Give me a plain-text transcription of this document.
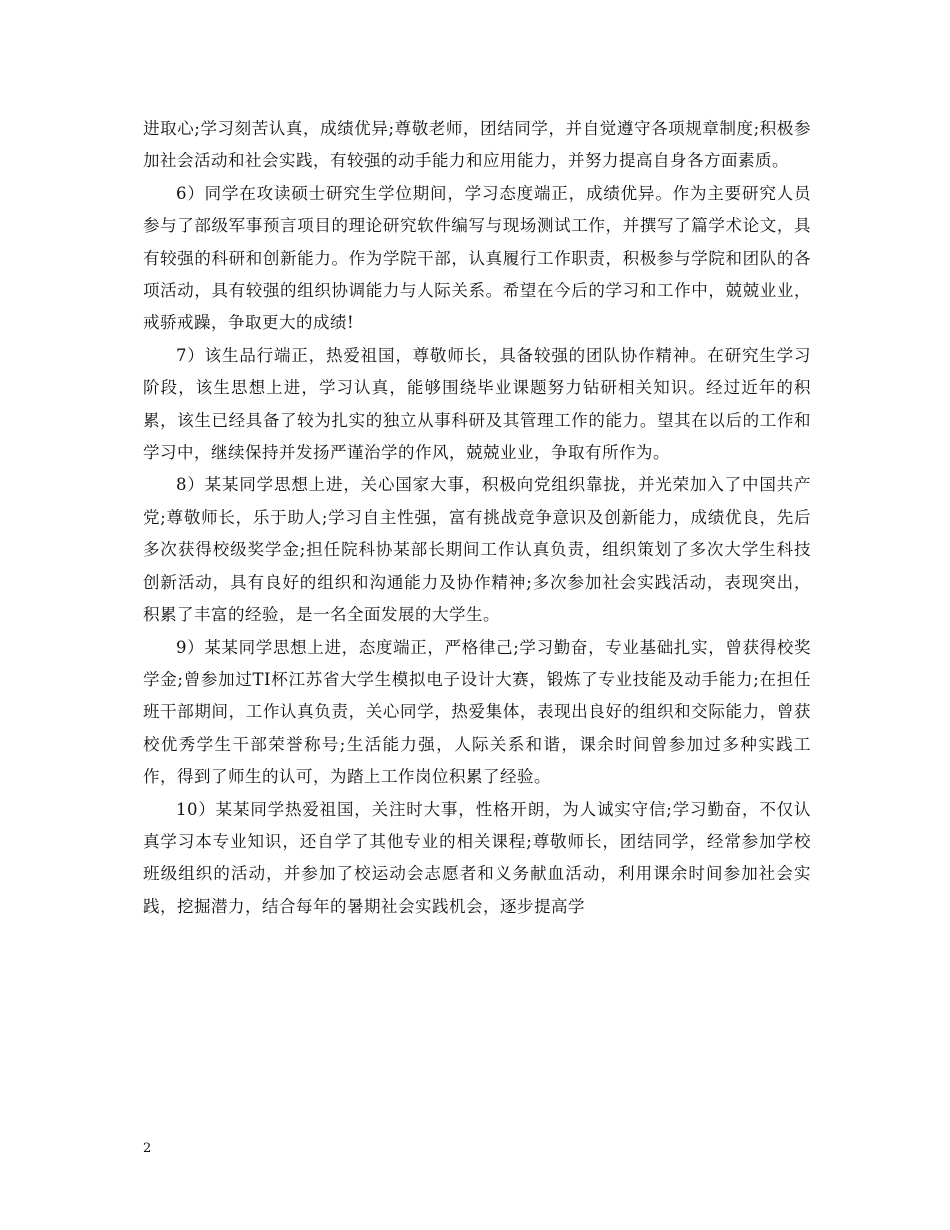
进取心;学习刻苦认真，成绩优异;尊敬老师，团结同学，并自觉遵守各项规章制度;积极参加社会活动和社会实践，有较强的动手能力和应用能力，并努力提高自身各方面素质。

6）同学在攻读硕士研究生学位期间，学习态度端正，成绩优异。作为主要研究人员参与了部级军事预言项目的理论研究软件编写与现场测试工作，并撰写了篇学术论文，具有较强的科研和创新能力。作为学院干部，认真履行工作职责，积极参与学院和团队的各项活动，具有较强的组织协调能力与人际关系。希望在今后的学习和工作中，兢兢业业，戒骄戒躁，争取更大的成绩!

7）该生品行端正，热爱祖国，尊敬师长，具备较强的团队协作精神。在研究生学习阶段，该生思想上进，学习认真，能够围绕毕业课题努力钻研相关知识。经过近年的积累，该生已经具备了较为扎实的独立从事科研及其管理工作的能力。望其在以后的工作和学习中，继续保持并发扬严谨治学的作风，兢兢业业，争取有所作为。

8）某某同学思想上进，关心国家大事，积极向党组织靠拢，并光荣加入了中国共产党;尊敬师长，乐于助人;学习自主性强，富有挑战竞争意识及创新能力，成绩优良，先后多次获得校级奖学金;担任院科协某部长期间工作认真负责，组织策划了多次大学生科技创新活动，具有良好的组织和沟通能力及协作精神;多次参加社会实践活动，表现突出，积累了丰富的经验，是一名全面发展的大学生。

9）某某同学思想上进，态度端正，严格律己;学习勤奋，专业基础扎实，曾获得校奖学金;曾参加过TI杯江苏省大学生模拟电子设计大赛，锻炼了专业技能及动手能力;在担任班干部期间，工作认真负责，关心同学，热爱集体，表现出良好的组织和交际能力，曾获校优秀学生干部荣誉称号;生活能力强，人际关系和谐，课余时间曾参加过多种实践工作，得到了师生的认可，为踏上工作岗位积累了经验。

10）某某同学热爱祖国，关注时大事，性格开朗，为人诚实守信;学习勤奋，不仅认真学习本专业知识，还自学了其他专业的相关课程;尊敬师长，团结同学，经常参加学校班级组织的活动，并参加了校运动会志愿者和义务献血活动，利用课余时间参加社会实践，挖掘潜力，结合每年的暑期社会实践机会，逐步提高学

2
